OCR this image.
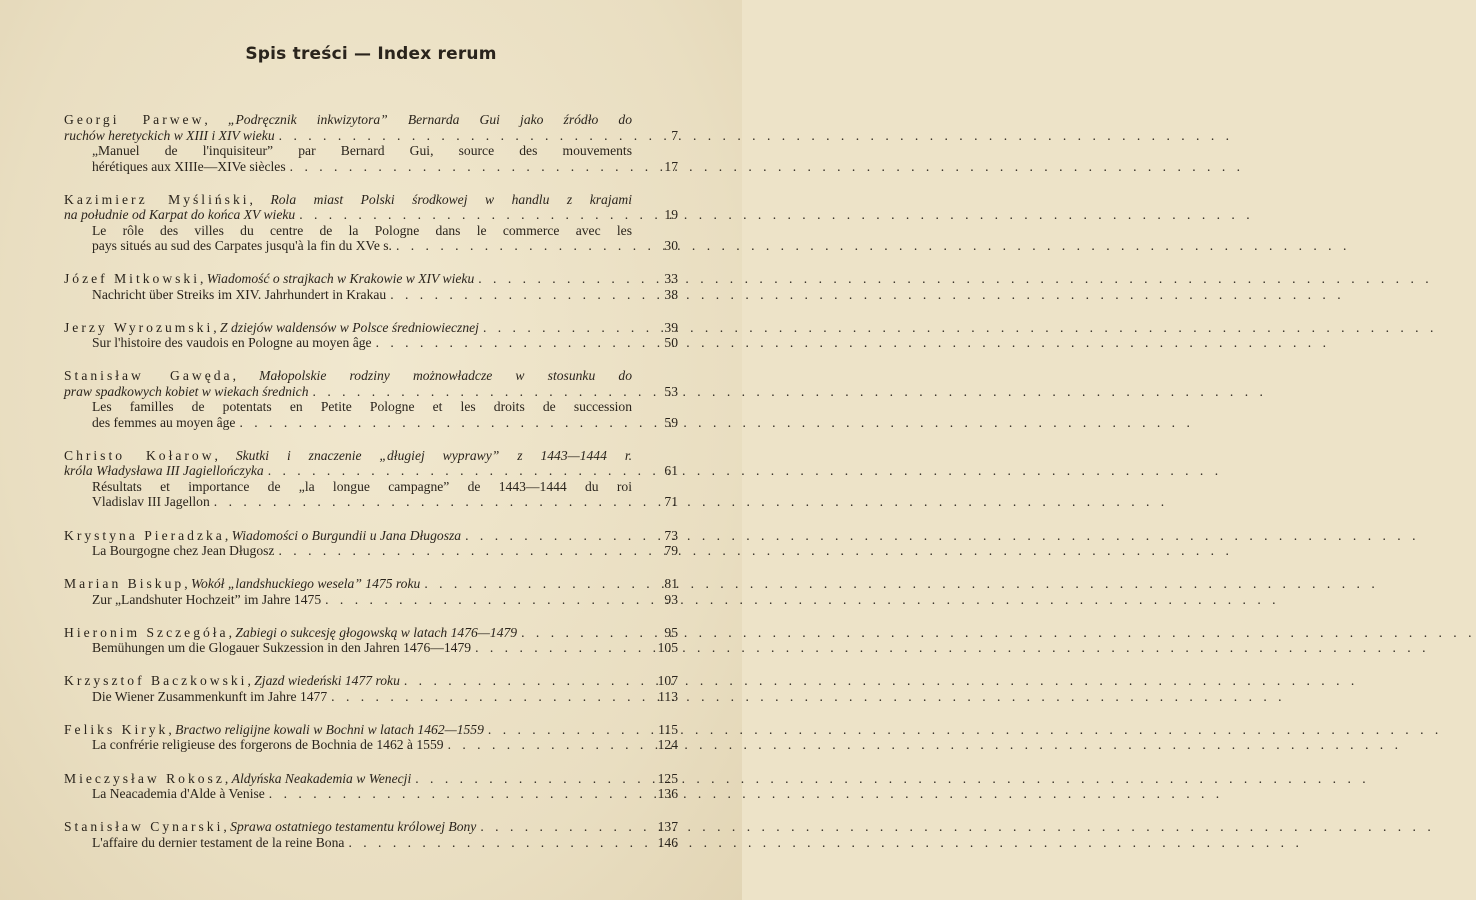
Spis treści — Index rerum
Georgi Parwew, „Podręcznik inkwizytora” Bernarda Gui jako źródło do
ruchów heretyckich w XIII i XIV wieku . . .	7
„Manuel de l'inquisiteur” par Bernard Gui, source des mouvements
hérétiques aux XIIIe—XIVe siècles . . .	17
Kazimierz Myśliński, Rola miast Polski środkowej w handlu z krajami
na południe od Karpat do końca XV wieku . . .	19
Le rôle des villes du centre de la Pologne dans le commerce avec les
pays situés au sud des Carpates jusqu'à la fin du XVe s. . . .	30
Józef Mitkowski, Wiadomość o strajkach w Krakowie w XIV wieku . . .	33
Nachricht über Streiks im XIV. Jahrhundert in Krakau . . .	38
Jerzy Wyrozumski, Z dziejów waldensów w Polsce średniowiecznej . . .	39
Sur l'histoire des vaudois en Pologne au moyen âge . . .	50
Stanisław Gawęda, Małopolskie rodziny możnowładcze w stosunku do
praw spadkowych kobiet w wiekach średnich . . .	53
Les familles de potentats en Petite Pologne et les droits de succession
des femmes au moyen âge . . .	59
Christo Kołarow, Skutki i znaczenie „długiej wyprawy” z 1443—1444 r.
króla Władysława III Jagiellończyka . . .	61
Résultats et importance de „la longue campagne” de 1443—1444 du roi
Vladislav III Jagellon . . .	71
Krystyna Pieradzka, Wiadomości o Burgundii u Jana Długosza . . .	73
La Bourgogne chez Jean Długosz . . .	79
Marian Biskup, Wokół „landshuckiego wesela” 1475 roku . . .	81
Zur „Landshuter Hochzeit” im Jahre 1475 . . .	93
Hieronim Szczegóła, Zabiegi o sukcesję głogowską w latach 1476—1479 . . .	95
Bemühungen um die Glogauer Sukzession in den Jahren 1476—1479 . . .	105
Krzysztof Baczkowski, Zjazd wiedeński 1477 roku . . .	107
Die Wiener Zusammenkunft im Jahre 1477 . . .	113
Feliks Kiryk, Bractwo religijne kowali w Bochni w latach 1462—1559 . . .	115
La confrérie religieuse des forgerons de Bochnia de 1462 à 1559 . . .	124
Mieczysław Rokosz, Aldyńska Neakademia w Wenecji . . .	125
La Neacademia d'Alde à Venise . . .	136
Stanisław Cynarski, Sprawa ostatniego testamentu królowej Bony . . .	137
L'affaire du dernier testament de la reine Bona . . .	146
